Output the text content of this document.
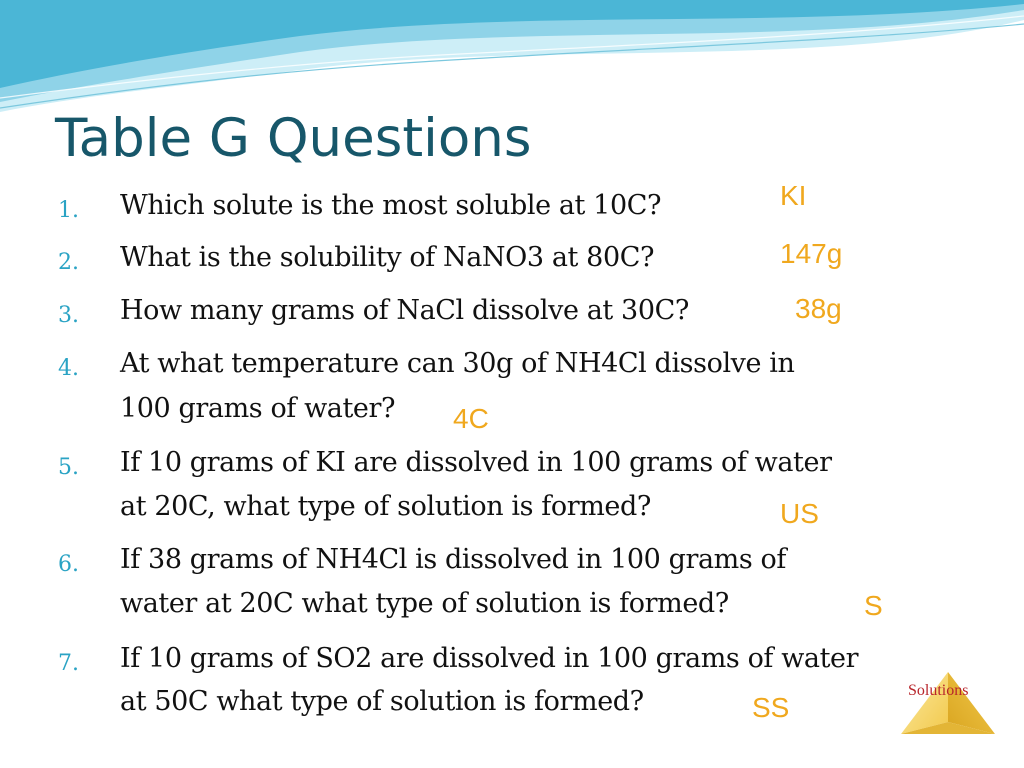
Table G Questions
1. Which solute is the most soluble at 10C?	KI
2. What is the solubility of NaNO3 at 80C?	147g
3. How many grams of NaCl dissolve at 30C?	38g
4. At what temperature can 30g of NH4Cl dissolve in
100 grams of water? 4C
5. If 10 grams of KI are dissolved in 100 grams of water
at 20C, what type of solution is formed?	US
6. If 38 grams of NH4Cl is dissolved in 100 grams of
water at 20C what type of solution is formed?	S
7. If 10 grams of SO2 are dissolved in 100 grams of water
at 50C what type of solution is formed?	SS
Solutions
